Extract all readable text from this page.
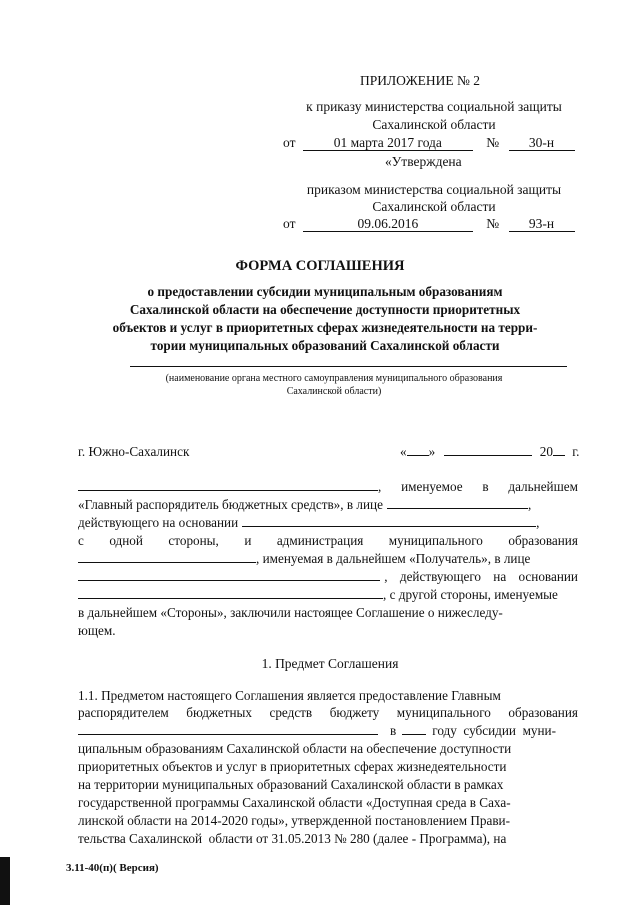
ПРИЛОЖЕНИЕ № 2
к приказу министерства социальной защиты
Сахалинской области
от	01 марта 2017 года	№ 30-н
«Утверждена
приказом министерства социальной защиты
Сахалинской области
от	09.06.2016	№ 93-н
ФОРМА СОГЛАШЕНИЯ
о предоставлении субсидии муниципальным образованиям
Сахалинской области на обеспечение доступности приоритетных
объектов и услуг в приоритетных сферах жизнедеятельности на терри-
тории муниципальных образований Сахалинской области
(наименование органа местного самоуправления муниципального образования
Сахалинской области)
г. Южно-Сахалинск	« »	20 г.
, именуемое в дальнейшем
«Главный распорядитель бюджетных средств», в лице	,
действующего на основании	,
с одной стороны, и администрация муниципального образования
, именуемая в дальнейшем «Получатель», в лице
, действующего на основании
, с другой стороны, именуемые
в дальнейшем «Стороны», заключили настоящее Соглашение о нижеследу-
ющем.
1. Предмет Соглашения
1.1. Предметом настоящего Соглашения является предоставление Главным
распорядителем бюджетных средств бюджету муниципального образования
в	году  субсидии  муни-
ципальным образованиям Сахалинской области на обеспечение доступности
приоритетных объектов и услуг в приоритетных сферах жизнедеятельности
на территории муниципальных образований Сахалинской области в рамках
государственной программы Сахалинской области «Доступная среда в Саха-
линской области на 2014-2020 годы», утвержденной постановлением Прави-
тельства Сахалинской  области от 31.05.2013 № 280 (далее - Программа), на
3.11-40(п)( Версия)
